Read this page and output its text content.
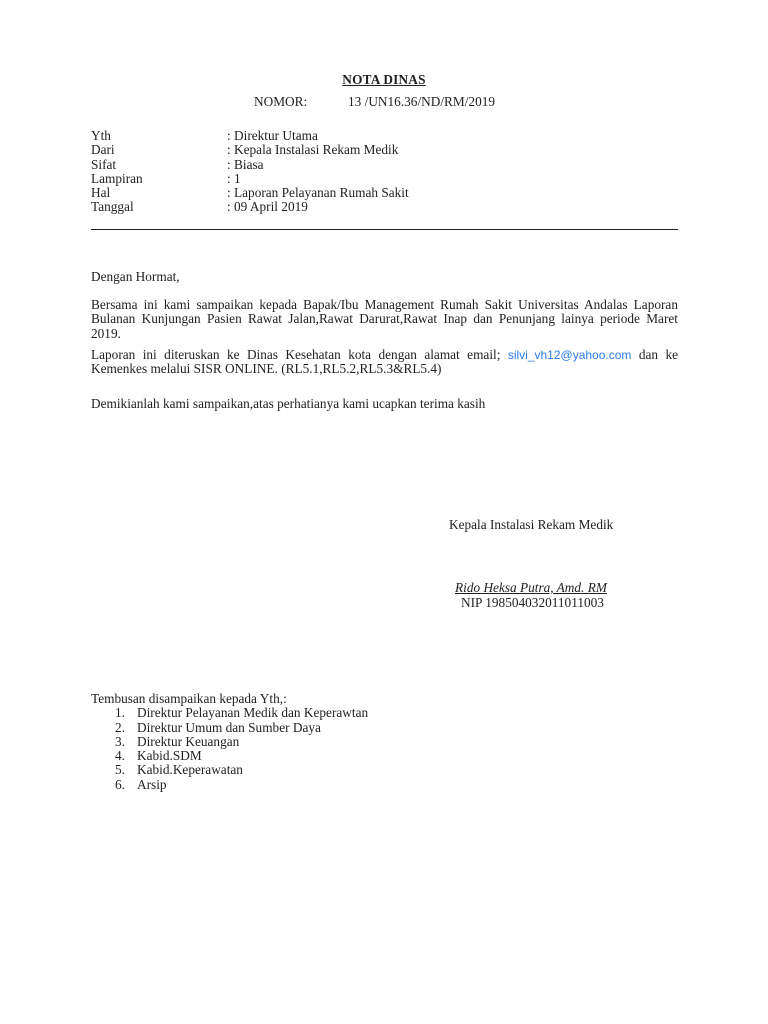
NOTA DINAS
NOMOR:	13 /UN16.36/ND/RM/2019
Yth	: Direktur Utama
Dari	: Kepala Instalasi Rekam Medik
Sifat	: Biasa
Lampiran	: 1
Hal	: Laporan Pelayanan Rumah Sakit
Tanggal	: 09 April 2019
Dengan Hormat,
Bersama ini kami sampaikan kepada Bapak/Ibu Management Rumah Sakit Universitas Andalas Laporan Bulanan Kunjungan Pasien Rawat Jalan,Rawat Darurat,Rawat Inap dan Penunjang lainya periode Maret 2019.
Laporan ini diteruskan ke Dinas Kesehatan kota dengan alamat email; silvi_vh12@yahoo.com dan ke Kemenkes melalui SISR ONLINE. (RL5.1,RL5.2,RL5.3&RL5.4)
Demikianlah kami sampaikan,atas perhatianya kami ucapkan terima kasih
Kepala Instalasi Rekam Medik
Rido Heksa Putra, Amd. RM
NIP 198504032011011003
Tembusan disampaikan kepada Yth,:
1. Direktur Pelayanan Medik dan Keperawtan
2. Direktur Umum dan Sumber Daya
3. Direktur Keuangan
4. Kabid.SDM
5. Kabid.Keperawatan
6. Arsip
